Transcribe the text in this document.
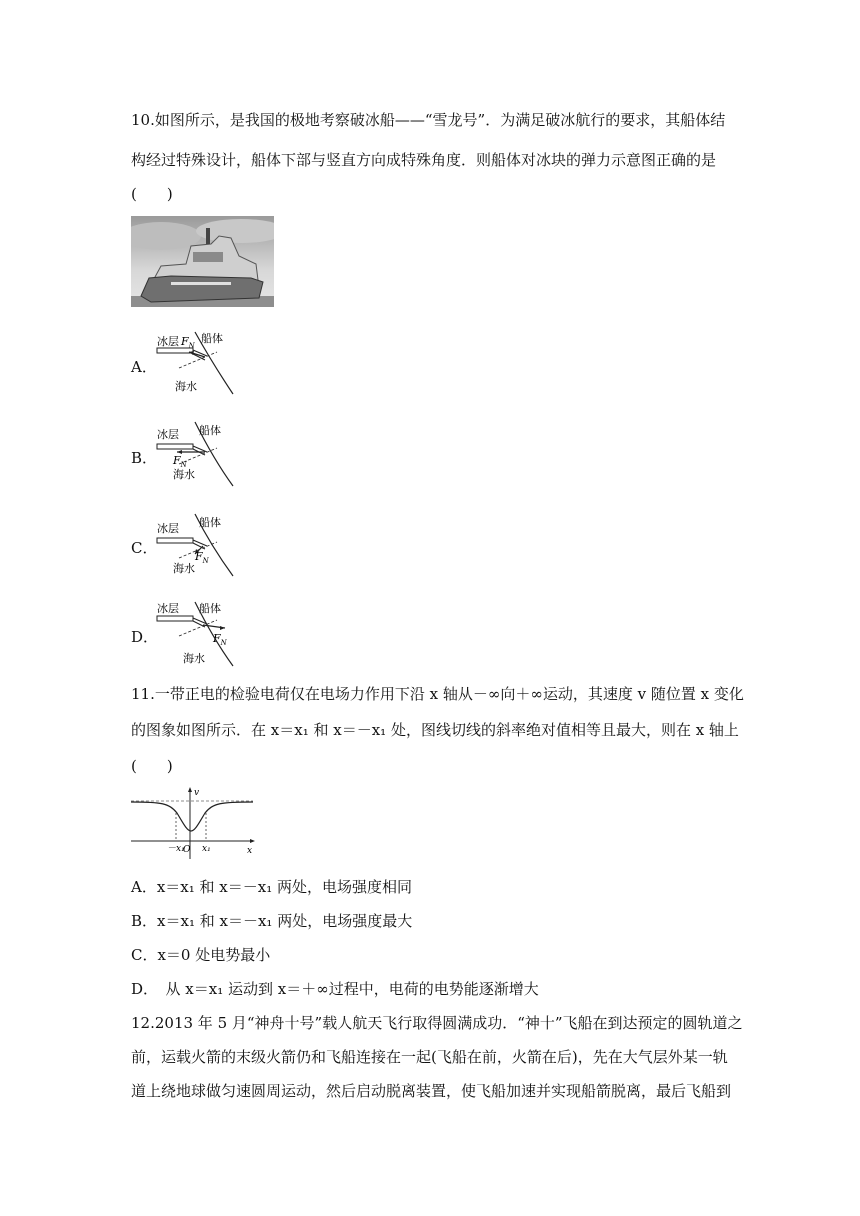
10.如图所示，是我国的极地考察破冰船——“雪龙号”．为满足破冰航行的要求，其船体结
构经过特殊设计，船体下部与竖直方向成特殊角度．则船体对冰块的弹力示意图正确的是
(　　)
A．
冰层 $F_N$
船体
海水
B．
冰层
$F_N$
船体
海水
C．
冰层
$F_N$
船体
海水
D．
冰层
$F_N$
船体
海水
11.一带正电的检验电荷仅在电场力作用下沿 x 轴从－∞向＋∞运动，其速度 v 随位置 x 变化
的图象如图所示．在 x＝x₁ 和 x＝－x₁ 处，图线切线的斜率绝对值相等且最大，则在 x 轴上
(　　)
v
x
O
－x₁ x₁
A．x＝x₁ 和 x＝－x₁ 两处，电场强度相同
B．x＝x₁ 和 x＝－x₁ 两处，电场强度最大
C．x＝0 处电势最小
D．　从 x＝x₁ 运动到 x＝＋∞过程中，电荷的电势能逐渐增大
12.2013 年 5 月“神舟十号”载人航天飞行取得圆满成功．“神十”飞船在到达预定的圆轨道之
前，运载火箭的末级火箭仍和飞船连接在一起(飞船在前，火箭在后)，先在大气层外某一轨
道上绕地球做匀速圆周运动，然后启动脱离装置，使飞船加速并实现船箭脱离，最后飞船到
